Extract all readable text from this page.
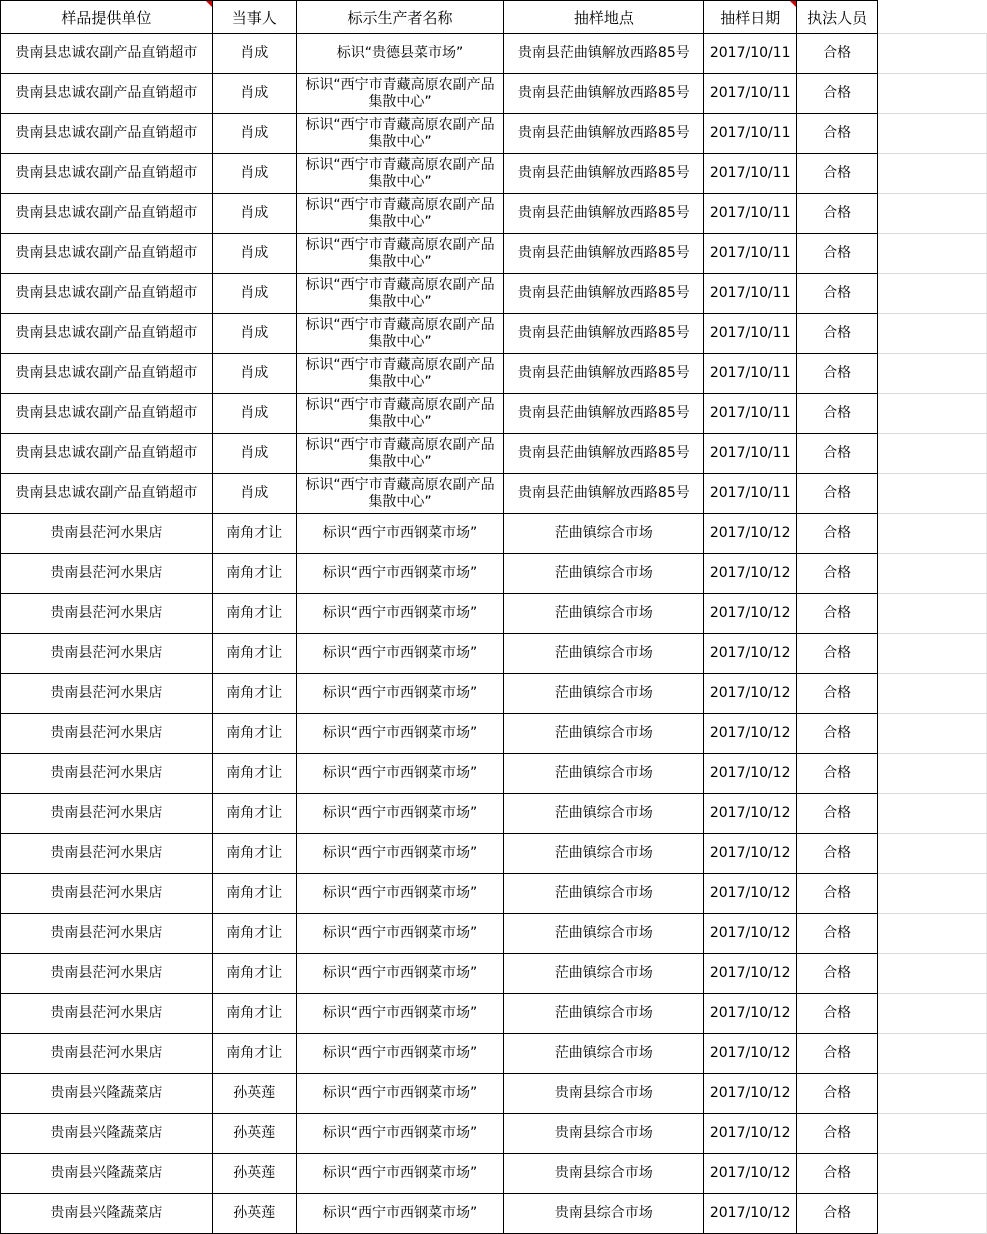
样品提供单位	当事人	标示生产者名称	抽样地点	抽样日期	执法人员	

贵南县忠诚农副产品直销超市	肖成	标识“贵德县菜市场”	贵南县茫曲镇解放西路85号	2017/10/11	合格	

贵南县忠诚农副产品直销超市	肖成	标识“西宁市青藏高原农副产品集散中心”	贵南县茫曲镇解放西路85号	2017/10/11	合格	

贵南县忠诚农副产品直销超市	肖成	标识“西宁市青藏高原农副产品集散中心”	贵南县茫曲镇解放西路85号	2017/10/11	合格	

贵南县忠诚农副产品直销超市	肖成	标识“西宁市青藏高原农副产品集散中心”	贵南县茫曲镇解放西路85号	2017/10/11	合格	

贵南县忠诚农副产品直销超市	肖成	标识“西宁市青藏高原农副产品集散中心”	贵南县茫曲镇解放西路85号	2017/10/11	合格	

贵南县忠诚农副产品直销超市	肖成	标识“西宁市青藏高原农副产品集散中心”	贵南县茫曲镇解放西路85号	2017/10/11	合格	

贵南县忠诚农副产品直销超市	肖成	标识“西宁市青藏高原农副产品集散中心”	贵南县茫曲镇解放西路85号	2017/10/11	合格	

贵南县忠诚农副产品直销超市	肖成	标识“西宁市青藏高原农副产品集散中心”	贵南县茫曲镇解放西路85号	2017/10/11	合格	

贵南县忠诚农副产品直销超市	肖成	标识“西宁市青藏高原农副产品集散中心”	贵南县茫曲镇解放西路85号	2017/10/11	合格	

贵南县忠诚农副产品直销超市	肖成	标识“西宁市青藏高原农副产品集散中心”	贵南县茫曲镇解放西路85号	2017/10/11	合格	

贵南县忠诚农副产品直销超市	肖成	标识“西宁市青藏高原农副产品集散中心”	贵南县茫曲镇解放西路85号	2017/10/11	合格	

贵南县忠诚农副产品直销超市	肖成	标识“西宁市青藏高原农副产品集散中心”	贵南县茫曲镇解放西路85号	2017/10/11	合格	

贵南县茫河水果店	南角才让	标识“西宁市西钢菜市场”	茫曲镇综合市场	2017/10/12	合格	

贵南县茫河水果店	南角才让	标识“西宁市西钢菜市场”	茫曲镇综合市场	2017/10/12	合格	

贵南县茫河水果店	南角才让	标识“西宁市西钢菜市场”	茫曲镇综合市场	2017/10/12	合格	

贵南县茫河水果店	南角才让	标识“西宁市西钢菜市场”	茫曲镇综合市场	2017/10/12	合格	

贵南县茫河水果店	南角才让	标识“西宁市西钢菜市场”	茫曲镇综合市场	2017/10/12	合格	

贵南县茫河水果店	南角才让	标识“西宁市西钢菜市场”	茫曲镇综合市场	2017/10/12	合格	

贵南县茫河水果店	南角才让	标识“西宁市西钢菜市场”	茫曲镇综合市场	2017/10/12	合格	

贵南县茫河水果店	南角才让	标识“西宁市西钢菜市场”	茫曲镇综合市场	2017/10/12	合格	

贵南县茫河水果店	南角才让	标识“西宁市西钢菜市场”	茫曲镇综合市场	2017/10/12	合格	

贵南县茫河水果店	南角才让	标识“西宁市西钢菜市场”	茫曲镇综合市场	2017/10/12	合格	

贵南县茫河水果店	南角才让	标识“西宁市西钢菜市场”	茫曲镇综合市场	2017/10/12	合格	

贵南县茫河水果店	南角才让	标识“西宁市西钢菜市场”	茫曲镇综合市场	2017/10/12	合格	

贵南县茫河水果店	南角才让	标识“西宁市西钢菜市场”	茫曲镇综合市场	2017/10/12	合格	

贵南县茫河水果店	南角才让	标识“西宁市西钢菜市场”	茫曲镇综合市场	2017/10/12	合格	

贵南县兴隆蔬菜店	孙英莲	标识“西宁市西钢菜市场”	贵南县综合市场	2017/10/12	合格	

贵南县兴隆蔬菜店	孙英莲	标识“西宁市西钢菜市场”	贵南县综合市场	2017/10/12	合格	

贵南县兴隆蔬菜店	孙英莲	标识“西宁市西钢菜市场”	贵南县综合市场	2017/10/12	合格	

贵南县兴隆蔬菜店	孙英莲	标识“西宁市西钢菜市场”	贵南县综合市场	2017/10/12	合格	
